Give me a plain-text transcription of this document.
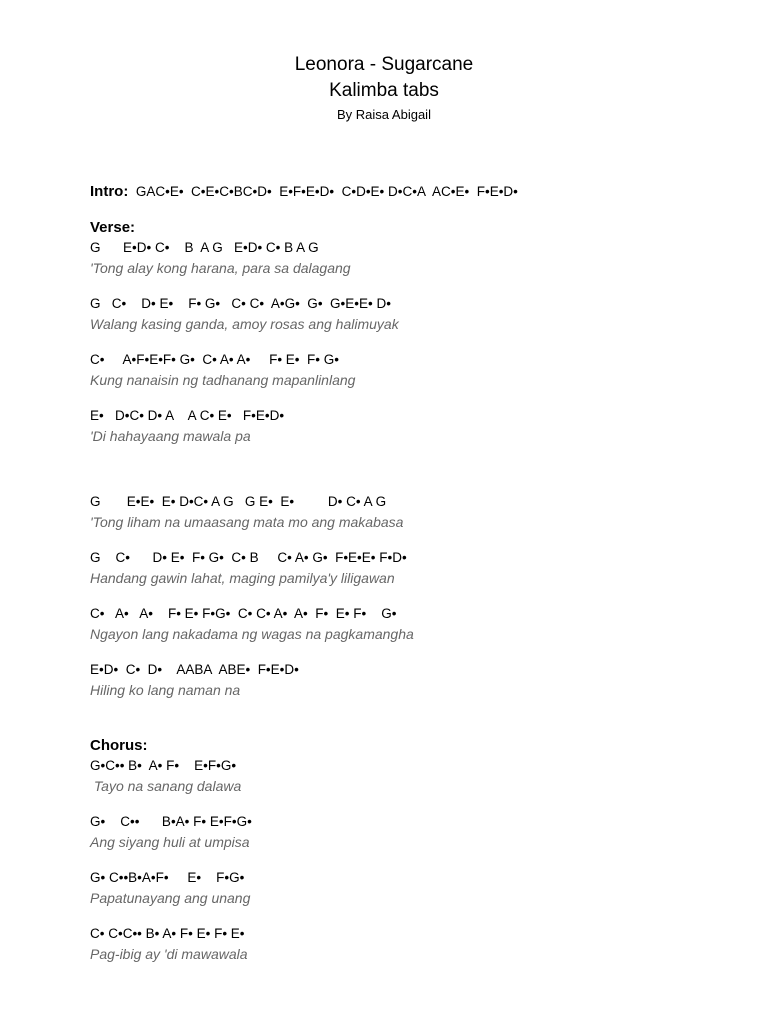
Leonora - Sugarcane

Kalimba tabs

By Raisa Abigail

Intro: GAC•E•  C•E•C•BC•D•  E•F•E•D•  C•D•E• D•C•A  AC•E•  F•E•D•

Verse:

G      E•D• C•    B  A G   E•D• C• B A G

'Tong alay kong harana, para sa dalagang

G   C•    D• E•    F• G•   C• C•  A•G•  G•  G•E•E• D•

Walang kasing ganda, amoy rosas ang halimuyak

C•     A•F•E•F• G•  C• A• A•     F• E•  F• G•

Kung nanaisin ng tadhanang mapanlinlang

E•   D•C• D• A    A C• E•   F•E•D•

'Di hahayaang mawala pa

G       E•E•  E• D•C• A G   G E•  E•         D• C• A G

'Tong liham na umaasang mata mo ang makabasa

G    C•      D• E•  F• G•  C• B     C• A• G•  F•E•E• F•D•

Handang gawin lahat, maging pamilya'y liligawan

C•   A•   A•    F• E• F•G•  C• C• A•  A•  F•  E• F•    G•

Ngayon lang nakadama ng wagas na pagkamangha

E•D•  C•  D•    AABA  ABE•  F•E•D•

Hiling ko lang naman na

Chorus:

G•C•• B•  A• F•    E•F•G•

Tayo na sanang dalawa

G•    C••      B•A• F• E•F•G•

Ang siyang huli at umpisa

G• C••B•A•F•     E•    F•G•

Papatunayang ang unang

C• C•C•• B• A• F• E• F• E•

Pag-ibig ay 'di mawawala
